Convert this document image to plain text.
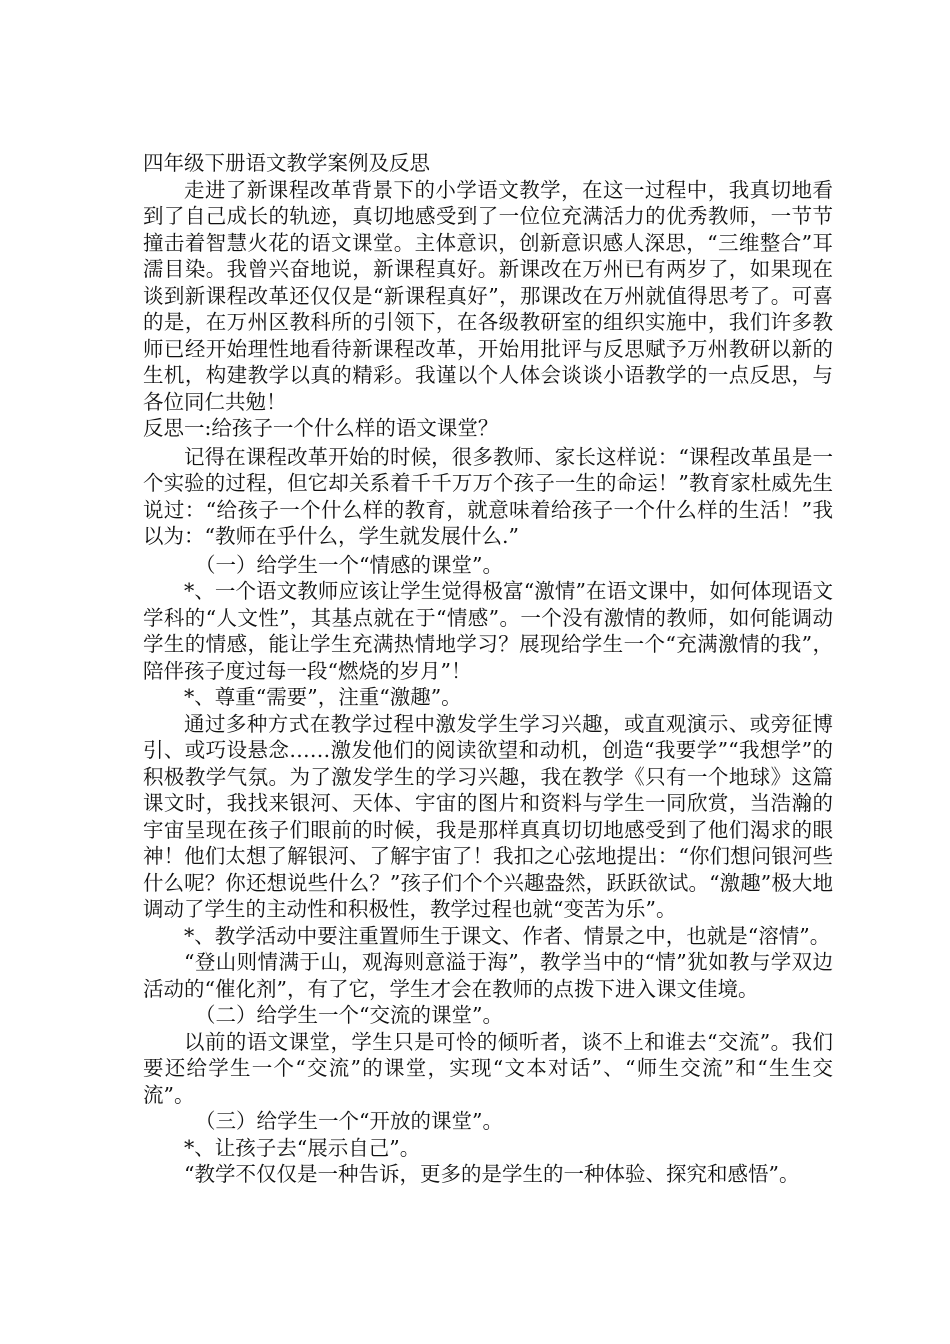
四年级下册语文教学案例及反思

走进了新课程改革背景下的小学语文教学，在这一过程中，我真切地看到了自己成长的轨迹，真切地感受到了一位位充满活力的优秀教师，一节节撞击着智慧火花的语文课堂。主体意识，创新意识感人深思，“三维整合”耳濡目染。我曾兴奋地说，新课程真好。新课改在万州已有两岁了，如果现在谈到新课程改革还仅仅是“新课程真好”，那课改在万州就值得思考了。可喜的是，在万州区教科所的引领下，在各级教研室的组织实施中，我们许多教师已经开始理性地看待新课程改革，开始用批评与反思赋予万州教研以新的生机，构建教学以真的精彩。我谨以个人体会谈谈小语教学的一点反思，与各位同仁共勉！

反思一:给孩子一个什么样的语文课堂？

记得在课程改革开始的时候，很多教师、家长这样说：“课程改革虽是一个实验的过程，但它却关系着千千万万个孩子一生的命运！”教育家杜威先生说过：“给孩子一个什么样的教育，就意味着给孩子一个什么样的生活！”我以为：“教师在乎什么，学生就发展什么.”

（一）给学生一个“情感的课堂”。

*、一个语文教师应该让学生觉得极富“激情”在语文课中，如何体现语文学科的“人文性”，其基点就在于“情感”。一个没有激情的教师，如何能调动学生的情感，能让学生充满热情地学习？展现给学生一个“充满激情的我”，陪伴孩子度过每一段“燃烧的岁月”！

*、尊重“需要”，注重“激趣”。

通过多种方式在教学过程中激发学生学习兴趣，或直观演示、或旁征博引、或巧设悬念……激发他们的阅读欲望和动机，创造“我要学”“我想学”的积极教学气氛。为了激发学生的学习兴趣，我在教学《只有一个地球》这篇课文时，我找来银河、天体、宇宙的图片和资料与学生一同欣赏，当浩瀚的宇宙呈现在孩子们眼前的时候，我是那样真真切切地感受到了他们渴求的眼神！他们太想了解银河、了解宇宙了！我扣之心弦地提出：“你们想问银河些什么呢？你还想说些什么？”孩子们个个兴趣盎然，跃跃欲试。“激趣”极大地调动了学生的主动性和积极性，教学过程也就“变苦为乐”。

*、教学活动中要注重置师生于课文、作者、情景之中，也就是“溶情”。

“登山则情满于山，观海则意溢于海”，教学当中的“情”犹如教与学双边活动的“催化剂”，有了它，学生才会在教师的点拨下进入课文佳境。

（二）给学生一个“交流的课堂”。

以前的语文课堂，学生只是可怜的倾听者，谈不上和谁去“交流”。我们要还给学生一个“交流”的课堂，实现“文本对话”、“师生交流”和“生生交流”。

（三）给学生一个“开放的课堂”。

*、让孩子去“展示自己”。

“教学不仅仅是一种告诉，更多的是学生的一种体验、探究和感悟”。
